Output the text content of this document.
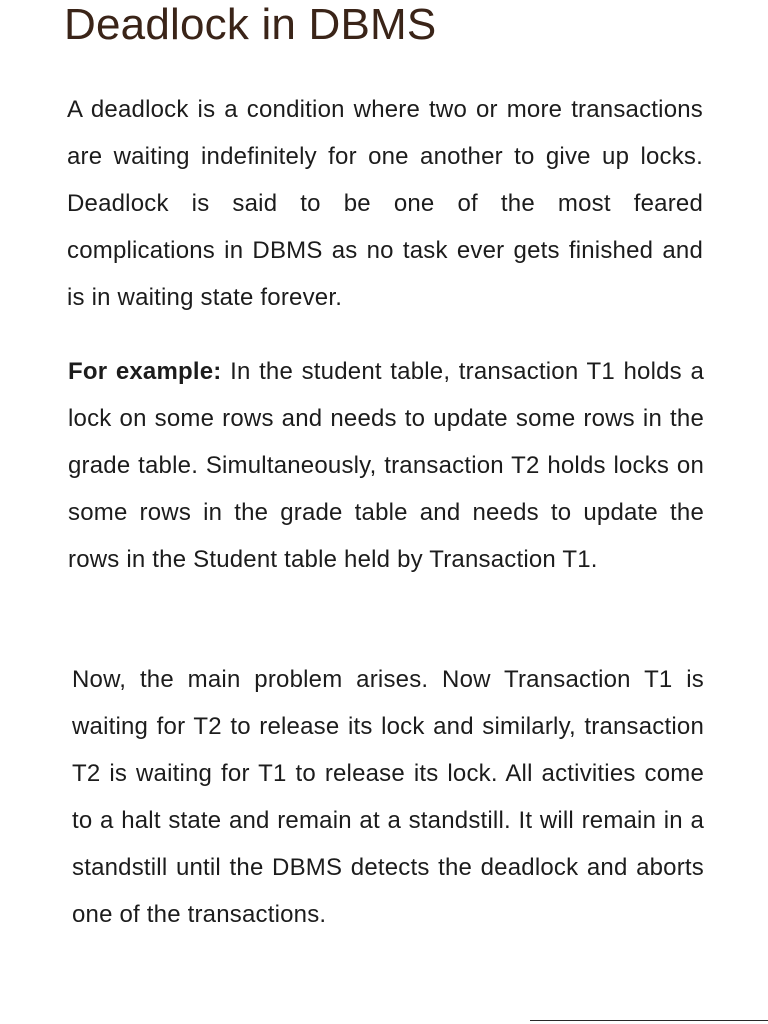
Deadlock in DBMS

A deadlock is a condition where two or more transactions are waiting indefinitely for one another to give up locks. Deadlock is said to be one of the most feared complications in DBMS as no task ever gets finished and is in waiting state forever.

For example: In the student table, transaction T1 holds a lock on some rows and needs to update some rows in the grade table. Simultaneously, transaction T2 holds locks on some rows in the grade table and needs to update the rows in the Student table held by Transaction T1.

Now, the main problem arises. Now Transaction T1 is waiting for T2 to release its lock and similarly, transaction T2 is waiting for T1 to release its lock. All activities come to a halt state and remain at a standstill. It will remain in a standstill until the DBMS detects the deadlock and aborts one of the transactions.
